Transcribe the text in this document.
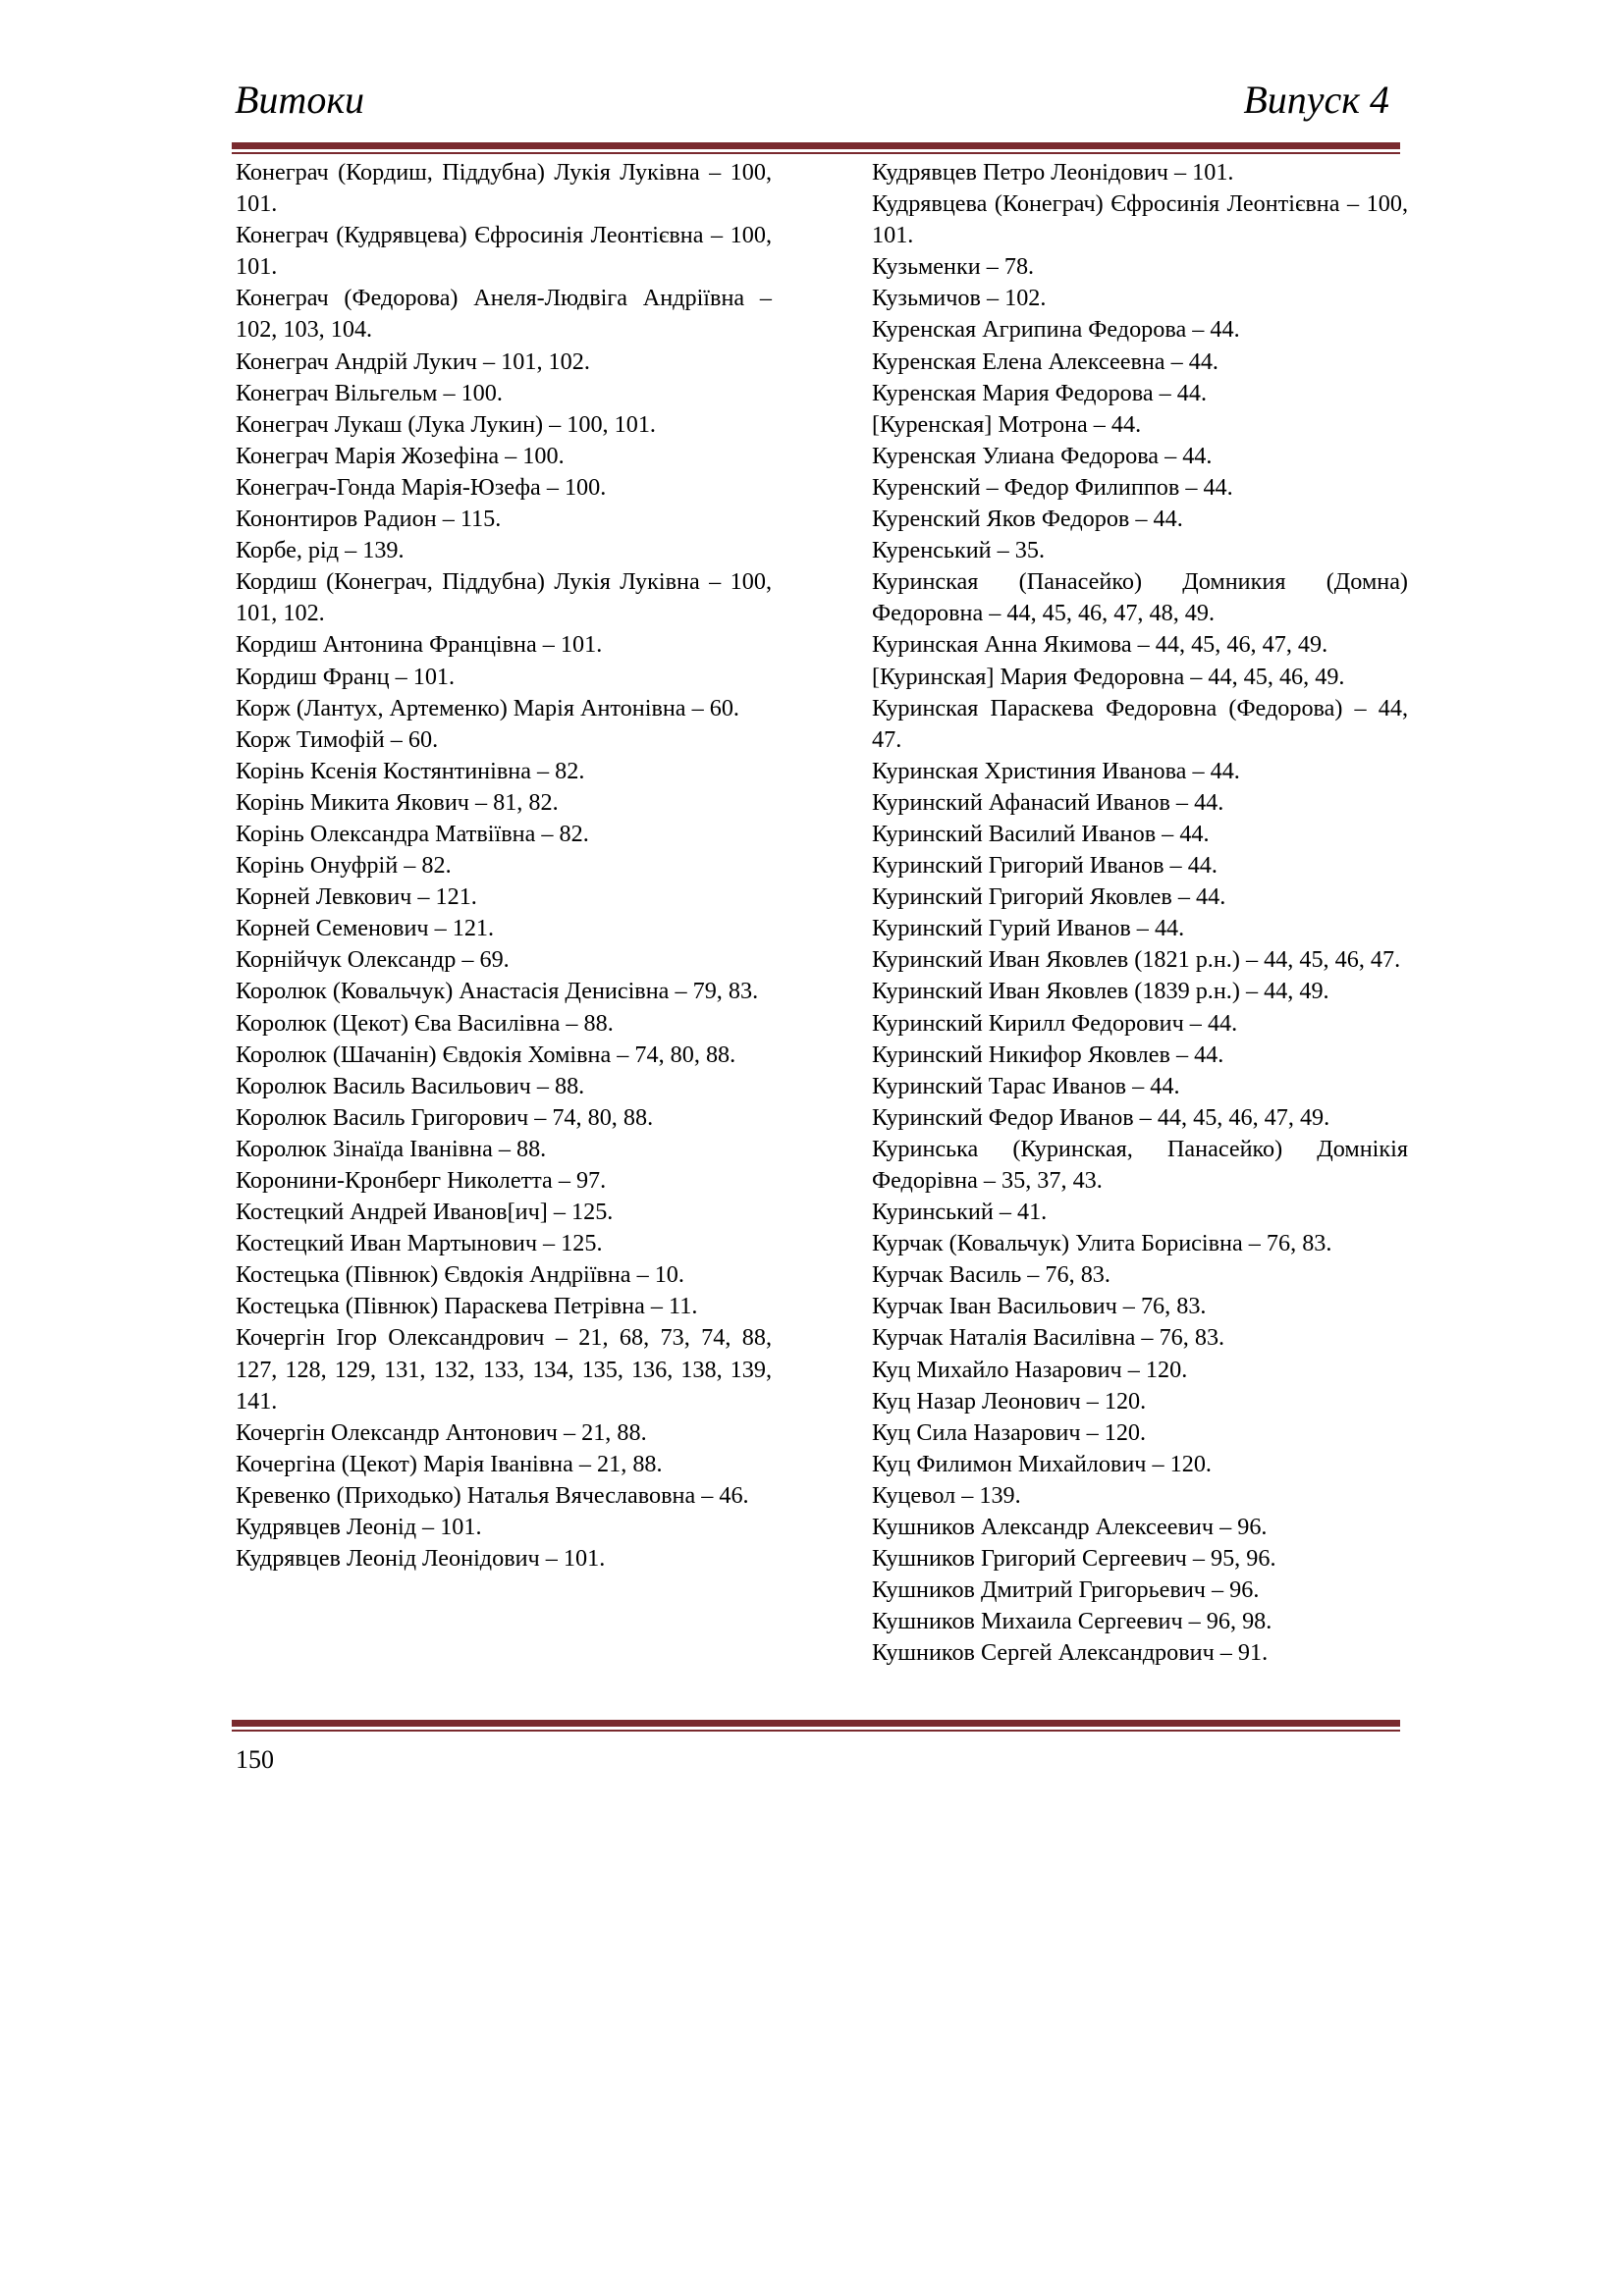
Витоки	Випуск 4
Конеграч (Кордиш, Піддубна) Лукія Луківна – 100, 101.
Конеграч (Кудрявцева) Єфросинія Леонтієвна – 100, 101.
Конеграч (Федорова) Анеля-Людвіга Андріївна – 102, 103, 104.
Конеграч Андрій Лукич – 101, 102.
Конеграч Вільгельм – 100.
Конеграч Лукаш (Лука Лукин) – 100, 101.
Конеграч Марія Жозефіна – 100.
Конеграч-Гонда Марія-Юзефа – 100.
Кононтиров Радион – 115.
Корбе, рід – 139.
Кордиш (Конеграч, Піддубна) Лукія Луківна – 100, 101, 102.
Кордиш Антонина Францівна – 101.
Кордиш Франц – 101.
Корж (Лантух, Артеменко) Марія Антонівна – 60.
Корж Тимофій – 60.
Корінь Ксенія Костянтинівна – 82.
Корінь Микита Якович – 81, 82.
Корінь Олександра Матвіївна – 82.
Корінь Онуфрій – 82.
Корней Левкович – 121.
Корней Семенович – 121.
Корнійчук Олександр – 69.
Королюк (Ковальчук) Анастасія Денисівна – 79, 83.
Королюк (Цекот) Єва Василівна – 88.
Королюк (Шачанін) Євдокія Хомівна – 74, 80, 88.
Королюк Василь Васильович – 88.
Королюк Василь Григорович – 74, 80, 88.
Королюк Зінаїда Іванівна – 88.
Коронини-Кронберг Николетта – 97.
Костецкий Андрей Иванов[ич] – 125.
Костецкий Иван Мартынович – 125.
Костецька (Півнюк) Євдокія Андріївна – 10.
Костецька (Півнюк) Параскева Петрівна – 11.
Кочергін Ігор Олександрович – 21, 68, 73, 74, 88, 127, 128, 129, 131, 132, 133, 134, 135, 136, 138, 139, 141.
Кочергін Олександр Антонович – 21, 88.
Кочергіна (Цекот) Марія Іванівна – 21, 88.
Кревенко (Приходько) Наталья Вячеславовна – 46.
Кудрявцев Леонід – 101.
Кудрявцев Леонід Леонідович – 101.
Кудрявцев Петро Леонідович – 101.
Кудрявцева (Конеграч) Єфросинія Леонтієвна – 100, 101.
Кузьменки – 78.
Кузьмичов – 102.
Куренская Агрипина Федорова – 44.
Куренская Елена Алексеевна – 44.
Куренская Мария Федорова – 44.
[Куренская] Мотрона – 44.
Куренская Улиана Федорова – 44.
Куренский – Федор Филиппов – 44.
Куренский Яков Федоров – 44.
Куренський – 35.
Куринская (Панасейко) Домникия (Домна) Федоровна – 44, 45, 46, 47, 48, 49.
Куринская Анна Якимова – 44, 45, 46, 47, 49.
[Куринская] Мария Федоровна – 44, 45, 46, 49.
Куринская Параскева Федоровна (Федорова) – 44, 47.
Куринская Христиния Иванова – 44.
Куринский Афанасий Иванов – 44.
Куринский Василий Иванов – 44.
Куринский Григорий Иванов – 44.
Куринский Григорий Яковлев – 44.
Куринский Гурий Иванов – 44.
Куринский Иван Яковлев (1821 р.н.) – 44, 45, 46, 47.
Куринский Иван Яковлев (1839 р.н.) – 44, 49.
Куринский Кирилл Федорович – 44.
Куринский Никифор Яковлев – 44.
Куринский Тарас Иванов – 44.
Куринский Федор Иванов – 44, 45, 46, 47, 49.
Куринська (Куринская, Панасейко) Домнікія Федорівна – 35, 37, 43.
Куринський – 41.
Курчак (Ковальчук) Улита Борисівна – 76, 83.
Курчак Василь – 76, 83.
Курчак Іван Васильович – 76, 83.
Курчак Наталія Василівна – 76, 83.
Куц Михайло Назарович – 120.
Куц Назар Леонович – 120.
Куц Сила Назарович – 120.
Куц Филимон Михайлович – 120.
Куцевол – 139.
Кушников Александр Алексеевич – 96.
Кушников Григорий Сергеевич – 95, 96.
Кушников Дмитрий Григорьевич – 96.
Кушников Михаила Сергеевич – 96, 98.
Кушников Сергей Александрович – 91.
150
